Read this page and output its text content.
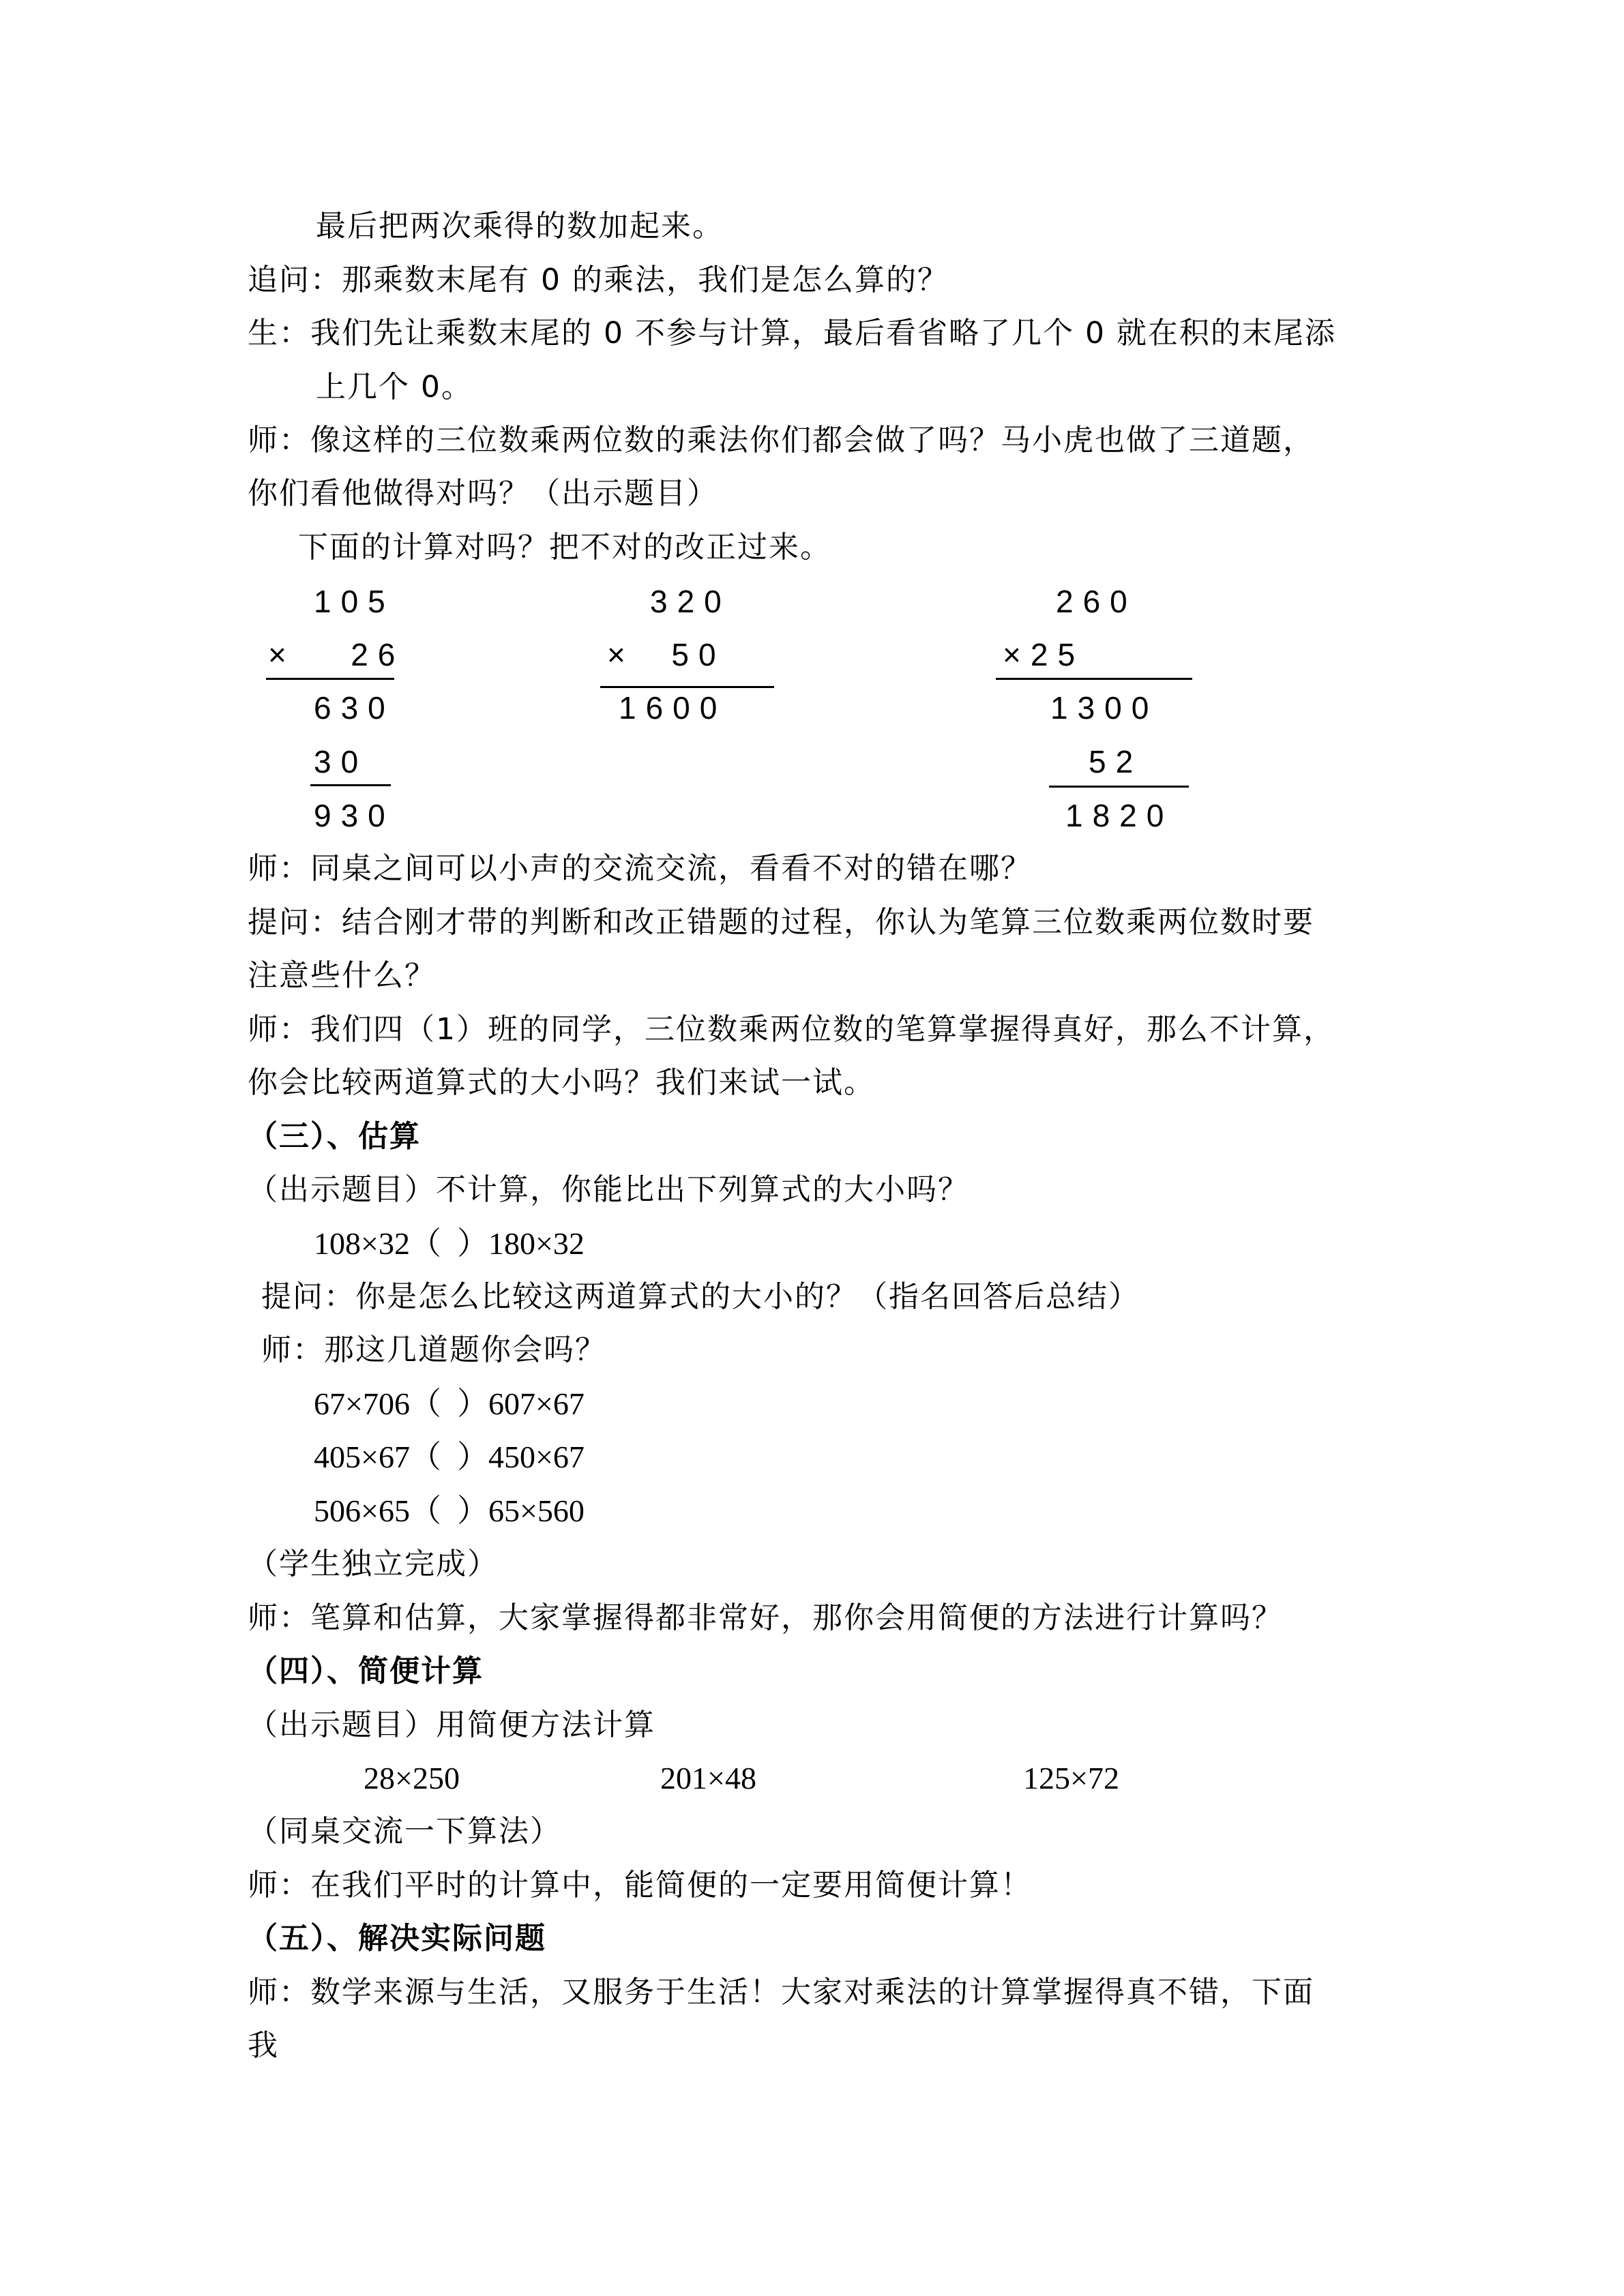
最后把两次乘得的数加起来。
追问：那乘数末尾有 0 的乘法，我们是怎么算的？
生：我们先让乘数末尾的 0 不参与计算，最后看省略了几个 0 就在积的末尾添
上几个 0。
师：像这样的三位数乘两位数的乘法你们都会做了吗？马小虎也做了三道题，
你们看他做得对吗？（出示题目）
下面的计算对吗？把不对的改正过来。
105
×   26
630
30
930
320
×  50
1600
260
×25
1300
52
1820
师：同桌之间可以小声的交流交流，看看不对的错在哪？
提问：结合刚才带的判断和改正错题的过程，你认为笔算三位数乘两位数时要
注意些什么？
师：我们四（1）班的同学，三位数乘两位数的笔算掌握得真好，那么不计算，
你会比较两道算式的大小吗？我们来试一试。
（三）、估算
（出示题目）不计算，你能比出下列算式的大小吗？
108×32（  ）180×32
提问：你是怎么比较这两道算式的大小的？（指名回答后总结）
师：那这几道题你会吗？
67×706（  ）607×67
405×67（  ）450×67
506×65（  ）65×560
（学生独立完成）
师：笔算和估算，大家掌握得都非常好，那你会用简便的方法进行计算吗？
（四）、简便计算
（出示题目）用简便方法计算
28×250	201×48	125×72
（同桌交流一下算法）
师：在我们平时的计算中，能简便的一定要用简便计算！
（五）、解决实际问题
师：数学来源与生活，又服务于生活！大家对乘法的计算掌握得真不错，下面
我
